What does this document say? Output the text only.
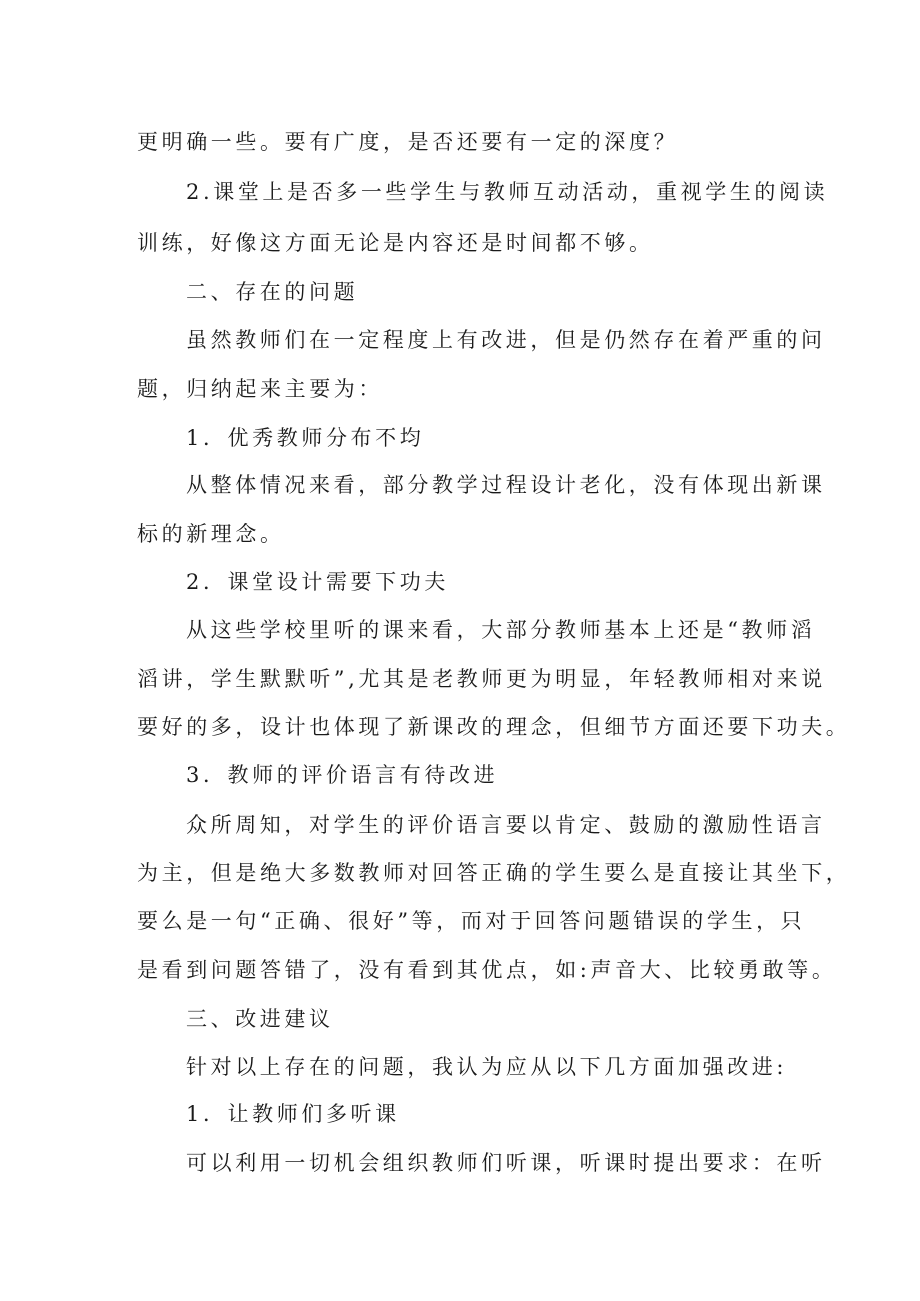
更明确一些。要有广度，是否还要有一定的深度？
2.课堂上是否多一些学生与教师互动活动，重视学生的阅读
训练，好像这方面无论是内容还是时间都不够。
二、存在的问题
虽然教师们在一定程度上有改进，但是仍然存在着严重的问
题，归纳起来主要为：
1．优秀教师分布不均
从整体情况来看，部分教学过程设计老化，没有体现出新课
标的新理念。
2．课堂设计需要下功夫
从这些学校里听的课来看，大部分教师基本上还是“教师滔
滔讲，学生默默听”,尤其是老教师更为明显，年轻教师相对来说
要好的多，设计也体现了新课改的理念，但细节方面还要下功夫。
3．教师的评价语言有待改进
众所周知，对学生的评价语言要以肯定、鼓励的激励性语言
为主，但是绝大多数教师对回答正确的学生要么是直接让其坐下，
要么是一句“正确、很好”等，而对于回答问题错误的学生，只
是看到问题答错了，没有看到其优点，如:声音大、比较勇敢等。
三、改进建议
针对以上存在的问题，我认为应从以下几方面加强改进:
1．让教师们多听课
可以利用一切机会组织教师们听课，听课时提出要求：在听
